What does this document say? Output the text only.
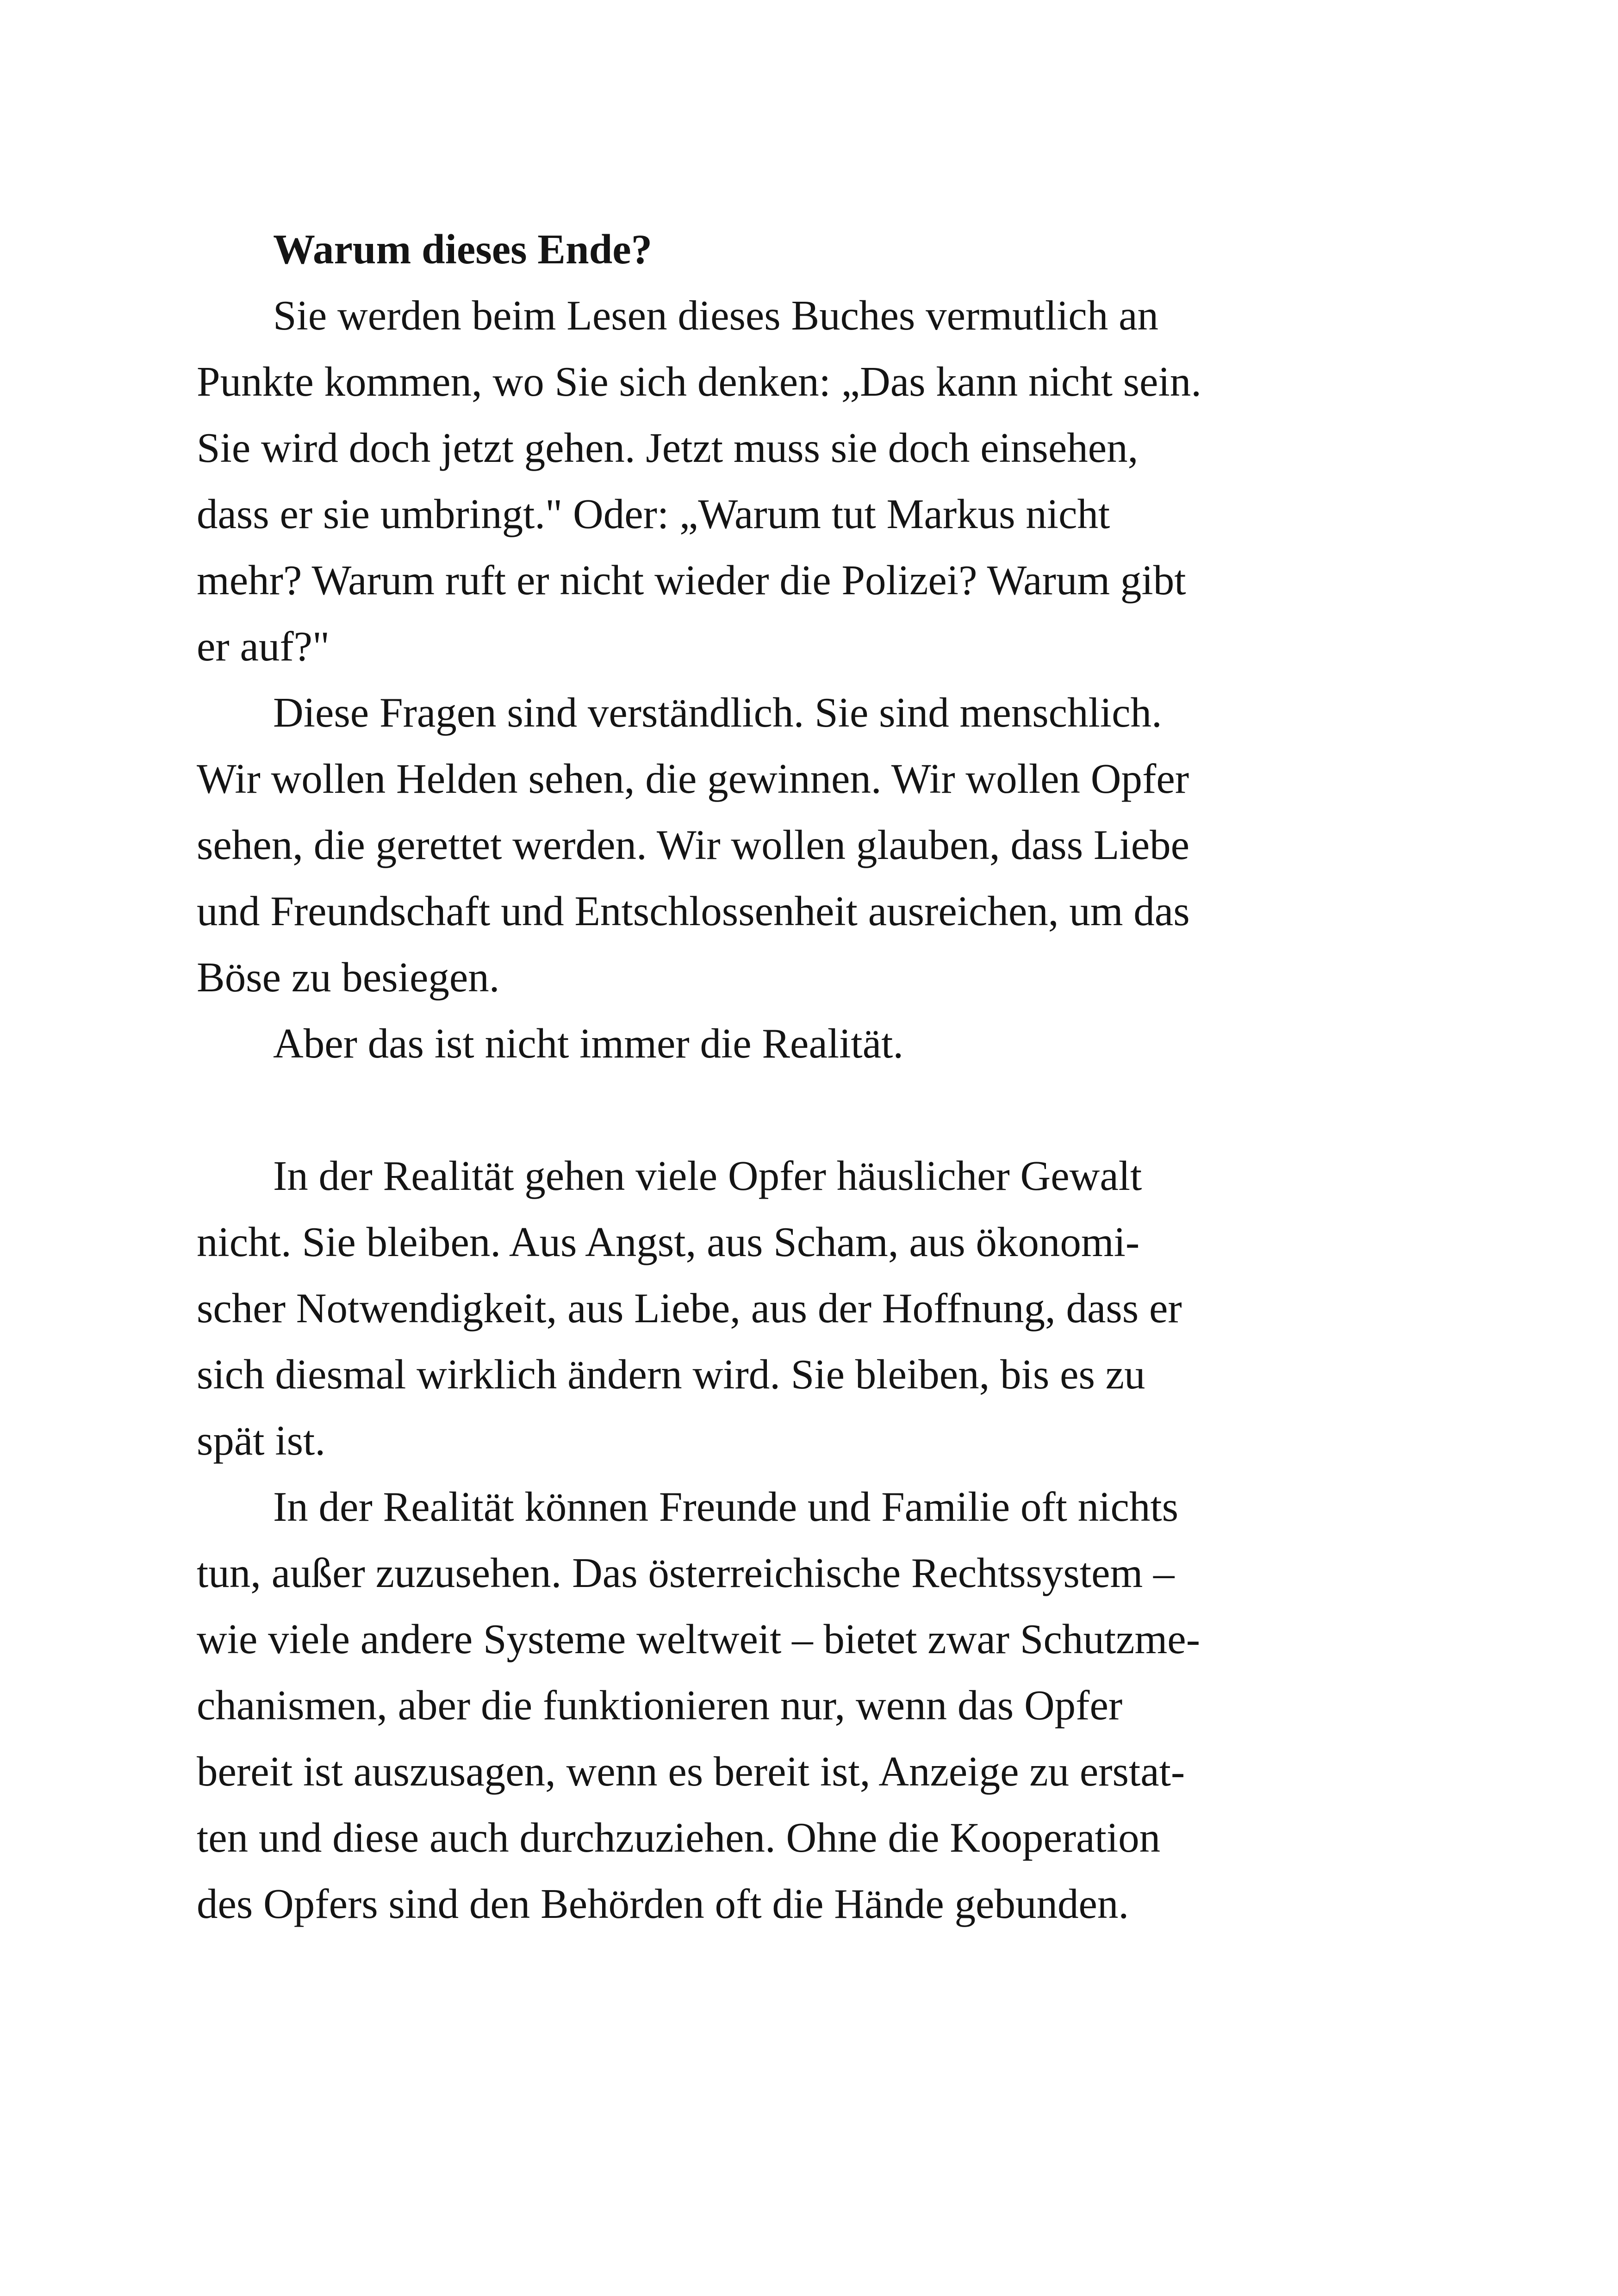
Warum dieses Ende?
Sie werden beim Lesen dieses Buches vermutlich an
Punkte kommen, wo Sie sich denken: „Das kann nicht sein.
Sie wird doch jetzt gehen. Jetzt muss sie doch einsehen,
dass er sie umbringt." Oder: „Warum tut Markus nicht
mehr? Warum ruft er nicht wieder die Polizei? Warum gibt
er auf?"
Diese Fragen sind verständlich. Sie sind menschlich.
Wir wollen Helden sehen, die gewinnen. Wir wollen Opfer
sehen, die gerettet werden. Wir wollen glauben, dass Liebe
und Freundschaft und Entschlossenheit ausreichen, um das
Böse zu besiegen.
Aber das ist nicht immer die Realität.
In der Realität gehen viele Opfer häuslicher Gewalt
nicht. Sie bleiben. Aus Angst, aus Scham, aus ökonomi-
scher Notwendigkeit, aus Liebe, aus der Hoffnung, dass er
sich diesmal wirklich ändern wird. Sie bleiben, bis es zu
spät ist.
In der Realität können Freunde und Familie oft nichts
tun, außer zuzusehen. Das österreichische Rechtssystem –
wie viele andere Systeme weltweit – bietet zwar Schutzme-
chanismen, aber die funktionieren nur, wenn das Opfer
bereit ist auszusagen, wenn es bereit ist, Anzeige zu erstat-
ten und diese auch durchzuziehen. Ohne die Kooperation
des Opfers sind den Behörden oft die Hände gebunden.
